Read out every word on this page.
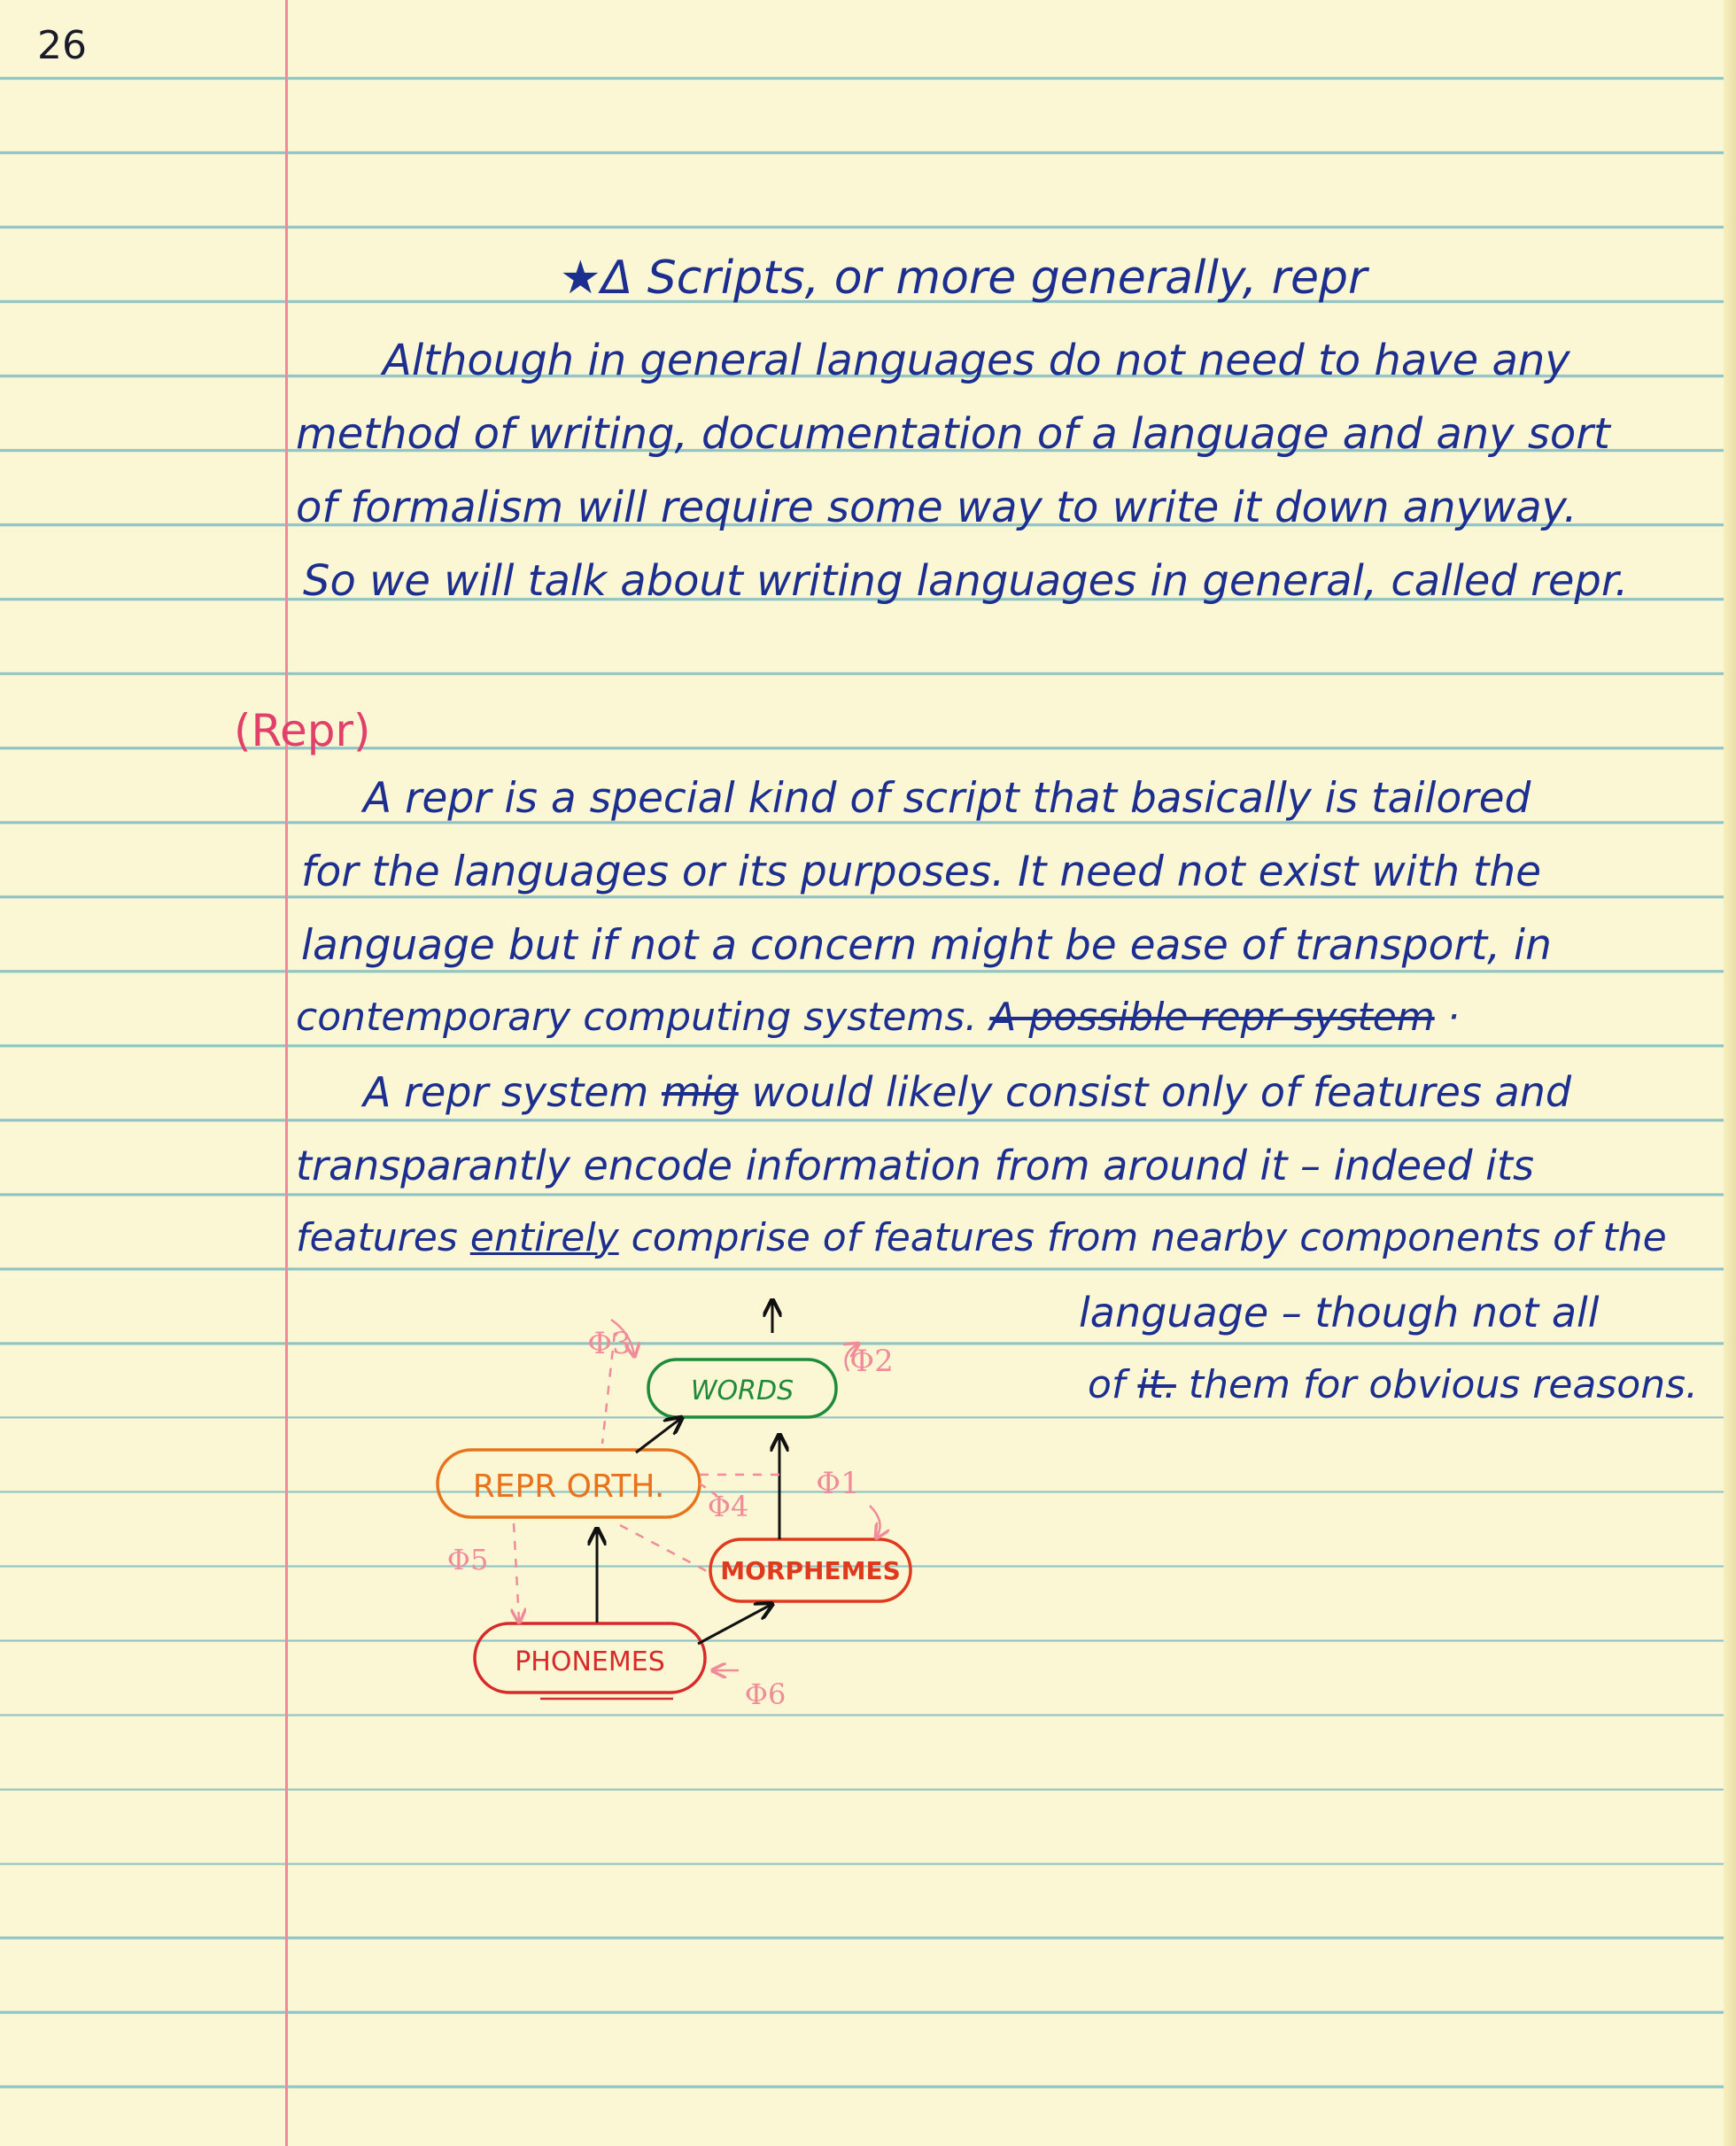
26
★Δ Scripts, or more generally, repr
Although in general languages do not need to have any
method of writing, documentation of a language and any sort
of formalism will require some way to write it down anyway.
So we will talk about writing languages in general, called repr.
(Repr)
A repr is a special kind of script that basically is tailored
for the languages or its purposes. It need not exist with the
language but if not a concern might be ease of transport, in
contemporary computing systems. A possible repr system ·
A repr system mig would likely consist only of features and
transparantly encode information from around it – indeed its
features entirely comprise of features from nearby components of the
language – though not all
of it. them for obvious reasons.
WORDS
REPR ORTH.
MORPHEMES
PHONEMES
Φ3	Φ2
Φ1
Φ4
Φ5
Φ6
